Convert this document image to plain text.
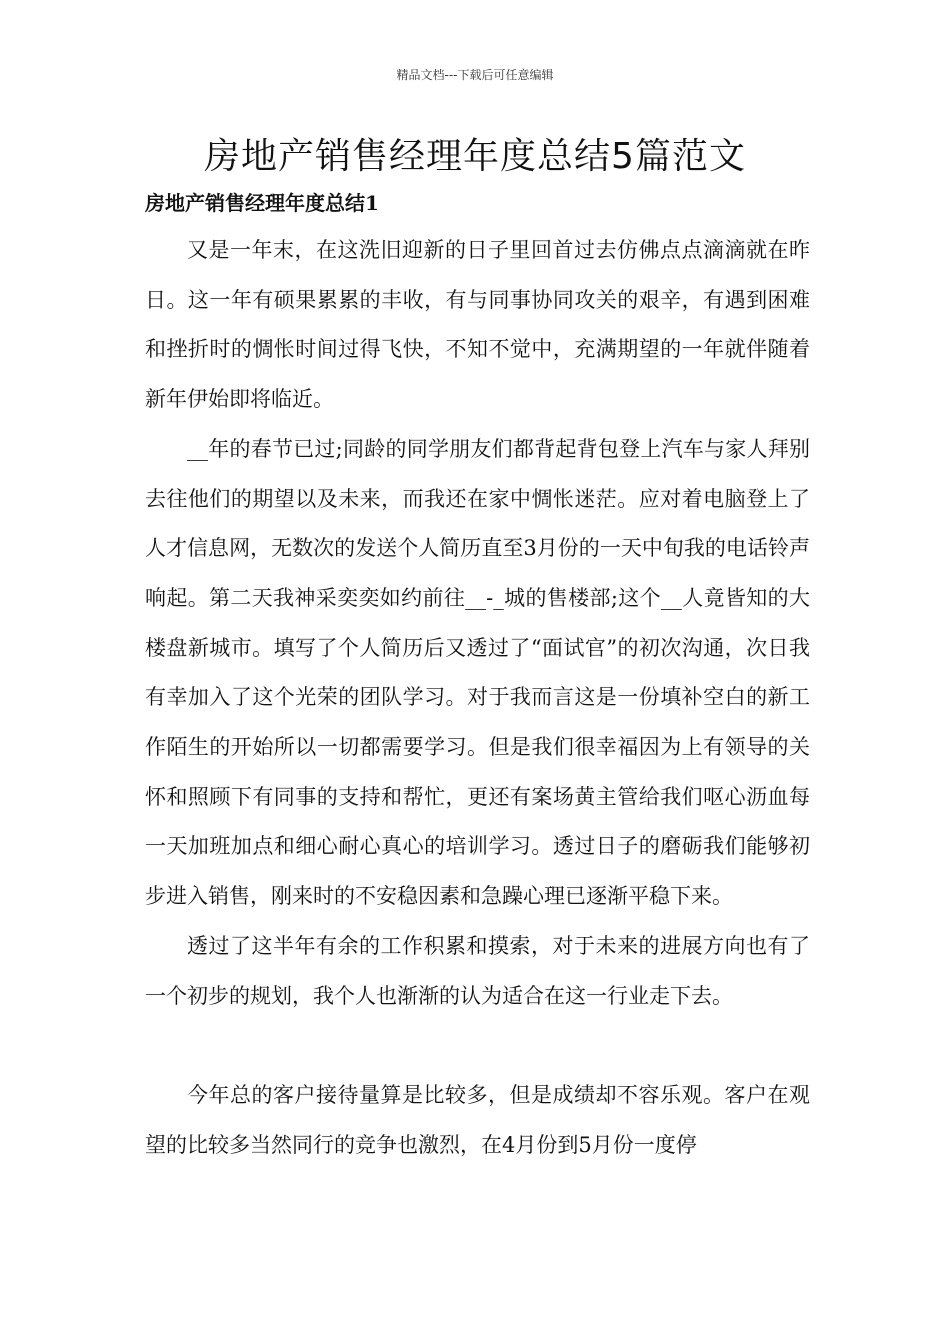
精品文档---下载后可任意编辑
房地产销售经理年度总结5篇范文
房地产销售经理年度总结1

又是一年末，在这洗旧迎新的日子里回首过去仿佛点点滴滴就在昨日。这一年有硕果累累的丰收，有与同事协同攻关的艰辛，有遇到困难和挫折时的惆怅时间过得飞快，不知不觉中，充满期望的一年就伴随着新年伊始即将临近。

__年的春节已过;同龄的同学朋友们都背起背包登上汽车与家人拜别去往他们的期望以及未来，而我还在家中惆怅迷茫。应对着电脑登上了人才信息网，无数次的发送个人简历直至3月份的一天中旬我的电话铃声响起。第二天我神采奕奕如约前往__-_城的售楼部;这个__人竟皆知的大楼盘新城市。填写了个人简历后又透过了“面试官”的初次沟通，次日我有幸加入了这个光荣的团队学习。对于我而言这是一份填补空白的新工作陌生的开始所以一切都需要学习。但是我们很幸福因为上有领导的关怀和照顾下有同事的支持和帮忙，更还有案场黄主管给我们呕心沥血每一天加班加点和细心耐心真心的培训学习。透过日子的磨砺我们能够初步进入销售，刚来时的不安稳因素和急躁心理已逐渐平稳下来。

透过了这半年有余的工作积累和摸索，对于未来的进展方向也有了一个初步的规划，我个人也渐渐的认为适合在这一行业走下去。

今年总的客户接待量算是比较多，但是成绩却不容乐观。客户在观望的比较多当然同行的竞争也激烈，在4月份到5月份一度停
